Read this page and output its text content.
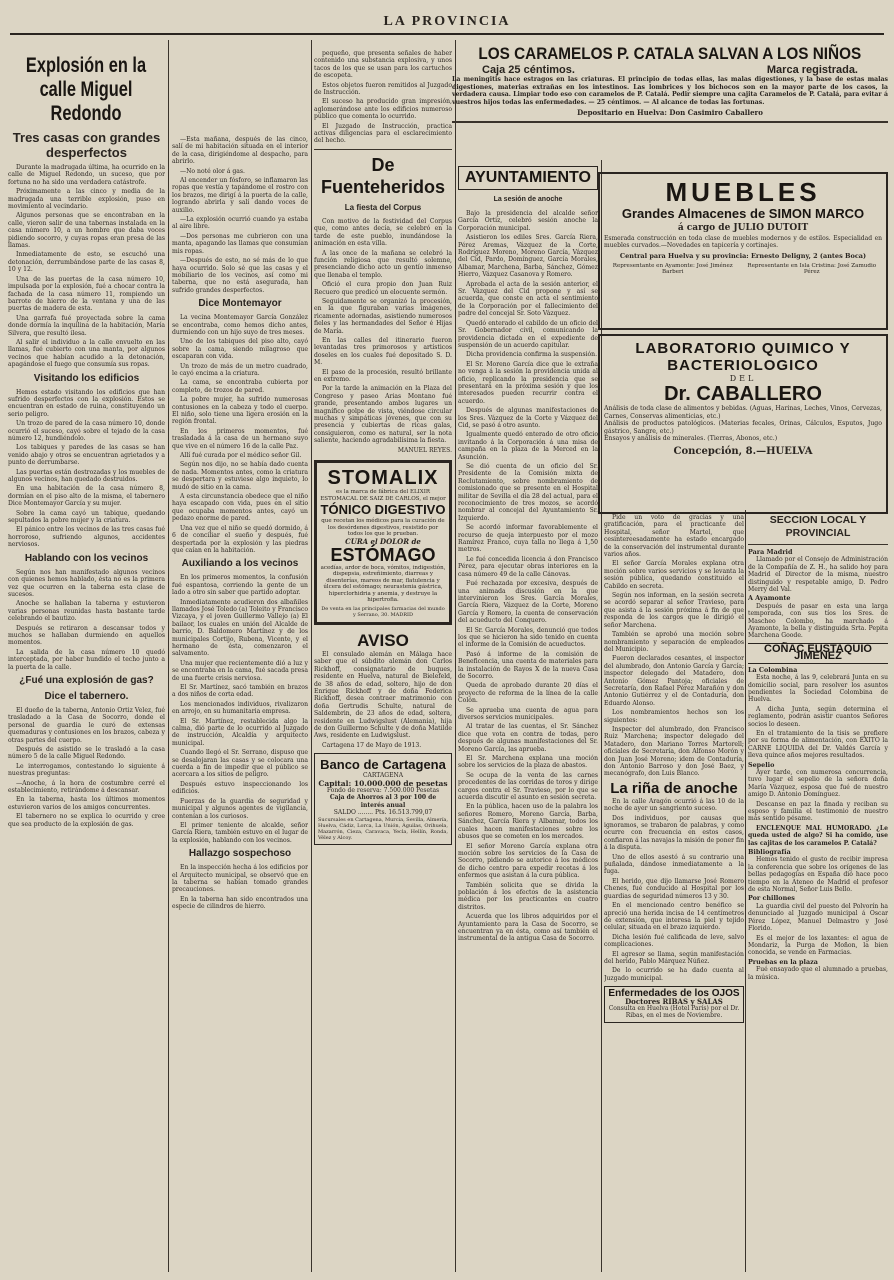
LA PROVINCIA
Explosión en la calle Miguel Redondo
Tres casas con grandes desperfectos

Durante la madrugada última, ha ocurrido en la calle de Miguel Redondo, un suceso, que por fortuna no ha sido una verdadera catástrofe.

Próximamente a las cinco y media de la madrugada una terrible explosión, puso en movimiento al vecindario.

Algunos personas que se encontraban en la calle, vieron salir de una tabernas instalada en la casa número 10, a un hombre que daba voces pidiendo socorro, y cuyas ropas eran presa de las llamas.

Inmediatamente de esto, se escuchó una detonación, derrumbándose parte de las casas 8, 10 y 12.

Una de las puertas de la casa número 10, impulsada por la explosión, fué a chocar contra la fachada de la casa número 11, rompiendo un barrote de hierro de la ventana y una de las puertas de madera de esta.

Una garrafa fué proyectada sobre la cama donde dormía la inquilina de la habitación, María Silvera, que resultó ilesa.

Al salir el individuo a la calle envuelto en las llamas, fué cubierto con una manta, por algunos vecinos que habían acudido a la detonación, apagándose el fuego que consumía sus ropas.

Visitando los edificios

Hemos estado visitando los edificios que han sufrido desperfectos con la explosión. Estos se encuentran en estado de ruina, constituyendo un serio peligro.

Un trozo de pared de la casa número 10, donde ocurrió el suceso, cayó sobre el tejado de la casa número 12, hundiéndolo.

Los tabiques y paredes de las casas se han venido abajo y otros se encuentran agrietados y a punto de derrumbarse.

Las puertas están destrozadas y los muebles de algunos vecinos, han quedado destruidos.

En una habitación de la casa número 8, dormían en el piso alto de la misma, el tabernero Dice Montemayor García y su mujer.

Sobre la cama cayó un tabique, quedando sepultados la pobre mujer y la criatura.

El pánico entre los vecinos de las tres casas fué horroroso, sufriendo algunos, accidentes nerviosos.

Hablando con los vecinos

Según nos han manifestado algunos vecinos con quienes hemos hablado, ésta no es la primera vez que ocurren en la taberna esta clase de sucesos.

Anoche se hallaban la taberna y estuvieron varias personas reunidas hasta bastante tarde celebrando el bautizo.

Después se retiraron a descansar todos y muchos se hallaban durmiendo en aquellos momentos.

La salida de la casa número 10 quedó interceptada, por haber hundido el techo junto a la puerta de la calle.

¿Fué una explosión de gas?
Dice el tabernero.

El dueño de la taberna, Antonio Ortiz Velez, fué trasladado a la Casa de Socorro, donde el personal de guardia le curó de extensas quemaduras y contusiones en los brazos, cabeza y otras partes del cuerpo.

Después de asistido se le trasladó a la casa número 5 de la calle Miguel Redondo.

Le interrogamos, contestando lo siguiente á nuestras preguntas:

—Anoche, á la hora de costumbre cerré el establecimiento, retirándome á descansar.

En la taberna, hasta los últimos momentos estuvieron varios de los amigos concurrentes.

El tabernero no se explica lo ocurrido y cree que sea producto de la explosión de gas.

—Esta mañana, después de las cinco, salí de mi habitación situada en el interior de la casa, dirigiéndome al despacho, para abrirlo.

—No noté olor á gas.

Al encender un fósforo, se inflamaron las ropas que vestía y tapándome el rostro con los brazos, me dirigí á la puerta de la calle, logrando abrirla y salí dando voces de auxilio.

—La explosión ocurrió cuando ya estaba al aire libre.

—Dos personas me cubrieron con una manta, apagando las llamas que consumían mis ropas.

—Después de esto, no sé más de lo que haya ocurrido. Solo sé que las casas y el mobiliario de los vecinos, así como mi taberna, que no está asegurada, han sufrido grandes desperfectos.

Dice Montemayor

La vecina Montemayor García González se encontraba, como hemos dicho antes, durmiendo con un hijo suyo de tres meses.

Uno de los tabiques del piso alto, cayó sobre la cama, siendo milagroso que escaparan con vida.

Un trozo de más de un metro cuadrado, le cayó encima a la criatura.

La cama, se encontraba cubierta por completo, de trozos de pared.

La pobre mujer, ha sufrido numerosas contusiones en la cabeza y todo el cuerpo. El niño, solo tiene una ligera erosión en la región frontal.

En los primeros momentos, fué trasladada á la casa de un hermano suyo que vive en el número 16 de la calle Paz.

Allí fué curada por el médico señor Gil.

Según nos dijo, no se había dado cuenta de nada. Momentos antes, como la criatura se despertara y estuviese algo inquieto, lo mudó de sitio en la cama.

A esta circunstancia obedece que el niño haya escapado con vida, pues en el sitio que ocupaba momentos antes, cayó un pedazo enorme de pared.

Una vez que el niño se quedó dormido, á 6 de conciliar el sueño y después, fué despertada por la explosión y las piedras que caían en la habitación.

Auxiliando a los vecinos

En los primeros momentos, la confusión fué espantosa, corriendo la gente de un lado a otro sin saber que partido adoptar.

Inmediatamente acudieron dos albañiles llamados José Toledo (a) Toleito y Francisco Vizcaya, y el joven Guillermo Vallejo (a) El bailaor, los cuales en unión del Alcalde de barrio, D. Baldomero Martínez y de los municipales Cortijo, Rubena, Vicente, y el hermano de ésta, comenzaron el salvamento.

Una mujer que recientemente dió a luz y se encontraba en la cama, fué sacada presa de una fuerte crisis nerviosa.

El Sr. Martínez, sacó también en brazos a dos niños de corta edad.

Los mencionados individuos, rivalizaron en arrojo, en su humanitaria empresa.

El Sr. Martínez, restablecida algo la calma, dió parte de lo ocurrido al Juzgado de instrucción, Alcaldía y arquitecto municipal.

Cuando llegó el Sr. Serrano, dispuso que se desalojaran las casas y se colocara una cuerda a fin de impedir que el público se acercara a los sitios de peligro.

Después estuvo inspeccionando los edificios.

Fuerzas de la guardia de seguridad y municipal y algunos agentes de vigilancia, contenían a los curiosos.

El primer teniente de alcalde, señor García Riera, también estuvo en el lugar de la explosión, hablando con los vecinos.

Hallazgo sospechoso

En la inspección hecha á los edificios por el Arquitecto municipal, se observó que en la taberna se habían tomado grandes precauciones.

En la taberna han sido encontrados una especie de cilindros de hierro.

pequeño, que presenta señales de haber contenido una substancia explosiva, y unos tacos de los que se usan para los cartuchos de escopeta.

Estos objetos fueron remitidos al Juzgado de Instrucción.

El suceso ha producido gran impresión, aglomerándose ante los edificios numeroso público que comenta lo ocurrido.

El Juzgado de Instrucción, practica activas diligencias para el esclarecimiento del hecho.

De Fuenteheridos
La fiesta del Corpus

Con motivo de la festividad del Corpus que, como antes decía, se celebró en la tarde de este pueblo, inundándose la animación en esta villa.

A las once de la mañana se celebró la función religiosa que resultó solemne, presenciando dicho acto un gentío inmenso que llenaba el templo.

Ofició el cura propio don Juan Ruiz Recuero que predicó un elocuente sermón.

Seguidamente se organizó la procesión, en la que figuraban varias imágenes, ricamente adornadas, asistiendo numerosos fieles y las hermandades del Señor é Hijas de María.

En las calles del itinerario fueron levantadas tres primorosos y artísticos doseles en los cuales fué depositado S. D. M.

El paso de la procesión, resultó brillante en extremo.

Por la tarde la animación en la Plaza del Congreso y paseo Arias Montano fué grande, presentando ambos lugares un magnífico golpe de vista, viéndose circular muchas y simpáticas jóvenes, que con su presencia y cubiertas de ricas galas, consiguieron, como es natural, ser la nota saliente, haciendo agradabilísima la fiesta.

MANUEL REYES.
STOMALIX
es la marca de fábrica del ELIXIR ESTOMACAL DE SAIZ DE CARLOS, el mejor
TÓNICO DIGESTIVO
que recetan los médicos para la curación de los desórdenes digestivos, resistido por todos los que le prueban.
CURA el DOLOR de
ESTÓMAGO
acedías, ardor de boca, vómitos, indigestión, dispepsia, estreñimiento, diarreas y disenterías, mareos de mar, flatulencia y úlcera del estómago; neurastenia gástrica, hiperclorhidria y anemia, y destruye la hipertrofia.
De venta en las principales farmacias del mundo y Serrano, 30. MADRID
AVISO

El consulado alemán en Málaga hace saber que el súbdito alemán don Carlos Rickhoff, consignatario de buques, residente en Huelva, natural de Bielefeld, de 38 años de edad, soltero, hijo de don Enrique Rickhoff y de doña Federica Rickhoff, desea contraer matrimonio con doña Gertrudis Schulte, natural de Saldembrin, de 23 años de edad, soltera, residente en Ludwigslust (Alemania), hija de don Guillermo Schulte y de doña Matilde Aws, residente en Ludwigslust.

Cartagena 17 de Mayo de 1913.

Banco de Cartagena
CARTAGENA
Capital: 10.000.000 de pesetas
Fondo de reserva: 7.500.000 Pesetas
Caja de Ahorros al 3 por 100 de interés anual
SALDO ........ Pts. 16.513.799,07
Sucursales en Cartagena, Murcia, Sevilla, Almería, Huelva, Cádiz, Lorca, La Unión, Águilas, Orihuela, Mazarrón, Cieza, Caravaca, Yecla, Hellín, Ronda, Vélez y Alcoy.
LOS CARAMELOS P. CATALA SALVAN A LOS NIÑOS
Caja 25 céntimos.	Marca registrada.
La meningitis hace estragos en las criaturas. El principio de todas ellas, las malas digestiones, y la base de estas malas digestiones, materias extrañas en los intestinos. Las lombrices y los bichocos son en la mayor parte de los casos, la verdadera causa. Limpiar todo eso con caramelos de P. Catalá. Pedir siempre una cajita Caramelos de P. Catalá, para evitar á vuestros hijos todas las enfermedades. — 25 céntimos. — Al alcance de todas las fortunas.
Depositario en Huelva: Don Casimiro Caballero
AYUNTAMIENTO
La sesión de anoche

Bajo la presidencia del alcalde señor García Ortiz, celebró sesión anoche la Corporación municipal.

Asistieron los ediles Sres. García Riera, Pérez Aremas, Vázquez de la Corte, Rodríguez Moreno, Moreno García, Vázquez del Cid, Pardo, Domínguez, García Morales, Albamar, Marchena, Barba, Sánchez, Gómez Hierro, Vázquez Casanova y Romero.

Aprobada el acta de la sesión anterior, el Sr. Vázquez del Cid propone y así se acuerda, que conste en acta el sentimiento de la Corporación por el fallecimiento del padre del concejal Sr. Soto Vázquez.

Quedó enterado el cabildo de un oficio del Sr. Gobernador civil, comunicando la providencia dictada en el expediente de suspensión de un acuerdo capitular.

Dicha providencia confirma la suspensión.

El Sr. Moreno García dice que le extraña no venga á la sesión la providencia unida al oficio, replicando la presidencia que se presentará en la próxima sesión y que los interesados pueden recurrir contra el acuerdo.

Después de algunas manifestaciones de los Sres. Vázquez de la Corte y Vázquez del Cid, se pasó á otro asunto.

Igualmente quedó enterado de otro oficio invitando á la Corporación á una misa de campaña en la plaza de la Merced en la Asunción.

Se dió cuenta de un oficio del Sr. Presidente de la Comisión mixta de Reclutamiento, sobre nombramiento de comisionado que se presente en el Hospital militar de Sevilla el día 28 del actual, para el reconocimiento de tres mozos, se acordó nombrar al concejal del Ayuntamiento Sr. Izquierdo.

Se acordó informar favorablemente el recurso de queja interpuesto por el mozo Ramírez Franco, cuya talla no llega á 1,50 metros.

Le fué concedida licencia á don Francisco Pérez, para ejecutar obras interiores en la casa número 49 de la calle Cánovas.

Fué rechazada por excesiva, después de una animada discusión en la que intervinieron los Sres. García Morales, García Riera, Vázquez de la Corte, Moreno García y Romero, la cuenta de conservación del acueducto del Conquero.

El Sr. García Morales, denunció que todos los que se hicieron ha sido tenido en cuenta el informe de la Comisión de acueductos.

Pasó á informe de la comisión de Beneficencia, una cuenta de materiales para la instalación de Rayos X de la nueva Casa de Socorro.

Queda de aprobado durante 20 días el proyecto de reforma de la línea de la calle Colón.

Se aprueba una cuenta de agua para diversos servicios municipales.

Al tratar de las cuentas, el Sr. Sánchez dice que vota en contra de todas, pero después de algunas manifestaciones del Sr. Moreno García, las aprueba.

El Sr. Marchena explana una moción sobre los servicios de la plaza de abastos.

Se ocupa de la venta de las carnes procedentes de las corridas de toros y dirige cargos contra el Sr. Travieso, por lo que se acuerda discutir el asunto en sesión secreta.

En la pública, hacen uso de la palabra los señores Romero, Moreno García, Barba, Sánchez, García Riera y Albamar, todos los cuales hacen manifestaciones sobre los abusos que se cometen en los mercados.

El señor Moreno García explana otra moción sobre los servicios de la Casa de Socorro, pidiendo se autorice á los médicos de dicho centro para expedir recetas á los enfermos que asistan á la cura pública.

También solicita que se divida la población á los efectos de la asistencia médica por los practicantes en cuatro distritos.

Acuerda que los libros adquiridos por el Ayuntamiento para la Casa de Socorro, se encuentran ya en ésta, como así también el instrumental de la antigua Casa de Socorro.

MUEBLES
Grandes Almacenes de SIMON MARCO
á cargo de JULIO DUTOIT
Esmerada construcción en toda clase de muebles modernos y de estilos. Especialidad en muebles curvados.—Novedades en tapicería y cortinajes.
Central para Huelva y su provincia: Ernesto Deligny, 2 (antes Boca)
Representante en Ayamonte: José Jiménez Barberi
Representante en Isla Cristina: José Zamudio Pérez
LABORATORIO QUIMICO Y BACTERIOLOGICO
DEL
Dr. CABALLERO
Análisis de toda clase de alimentos y bebidas. (Aguas, Harinas, Leches, Vinos, Cervezas, Carnes, Conservas alimenticias, etc.)
Análisis de productos patológicos. (Materias fecales, Orinas, Cálculos, Esputos, Jugo gástrico, Sangre, etc.)
Ensayos y análisis de minerales. (Tierras, Abonos, etc.)
Concepción, 8.—HUELVA

Pide un voto de gracias y una gratificación, para el practicante del Hospital, señor Martel, que cesintereesadamente ha estado encargado de la conservación del instrumental durante varios años.

El señor García Morales explana otra moción sobre varios servicios y se levanta la sesión pública, quedando constituido el Cabildo en secreta.

Según nos informan, en la sesión secreta se acordó separar al señor Travieso, para que asista á la sesión próxima á fin de que responda de los cargos que le dirigió el señor Marchena.

También se aprobó una moción sobre nombramiento y separación de empleados del Municipio.

Fueron declarados cesantes, el inspector del alumbrado, don Antonio García y García; inspector delegado del Matadero, don Antonio Gómez Pantoja; oficiales de Secretaría, don Rafael Pérez Marañón y don Antonio Gutiérrez y el de Contaduría, don Eduardo Alonso.

Los nombramientos hechos son los siguientes:

Inspector del alumbrado, don Francisco Ruiz Marchena; inspector delegado del Matadero, don Mariano Torres Martorell; oficiales de Secretaría, don Alfonso Morón y don Juan José Moreno; idem de Contaduría, don Antonio Barroso y don José Baez, y mecanógrafo, don Luis Blanco.

La riña de anoche

En la calle Aragón ocurrió á las 10 de la noche de ayer un sangriento suceso.

Dos individuos, por causas que ignoramos, se trabaron de palabras, y como ocurre con frecuencia en estos casos, confiaron á las navajas la misión de poner fin á la disputa.

Uno de ellos asestó á su contrario una puñalada, dándose inmediatamente a la fuga.

El herido, que dijo llamarse José Romero Chenes, fué conducido al Hospital por los guardias de seguridad números 13 y 30.

En el mencionado centro benéfico se apreció una herida incisa de 14 centímetros de extensión, que interesa la piel y tejido celular, situada en el brazo izquierdo.

Dicha lesión fué calificada de leve, salvo complicaciones.

El agresor se llama, según manifestación del herido, Pablo Márquez Núñez.

De lo ocurrido se ha dado cuenta al Juzgado municipal.

Enfermedades de los OJOS
Doctores RIBAS y SALAS
Consulta en Huelva (Hotel París) por el Dr. Ribas, en el mes de Noviembre.
SECCION LOCAL Y PROVINCIAL
Para Madrid

Llamado por el Consejo de Administración de la Compañía de Z. H., ha salido hoy para Madrid el Director de la misma, nuestro distinguido y respetable amigo, D. Pedro Merry del Val.

A Ayamonte

Después de pasar en esta una larga temporada, con sus tíos los Sres. de Mascheo Colombo, ha marchado á Ayamonte, la bella y distinguida Srta. Pepita Marchena Goode.

COÑAC EUSTAQUIO JIMENEZ
La Colombina

Esta noche, á las 9, celebrará Junta en su domicilio social, para resolver los asuntos pendientes la Sociedad Colombina de Huelva.

A dicha Junta, según determina el reglamento, podrán asistir cuantos Señores socios lo deseen.

En el tratamiento de la tisis se prefiere por su forma de alimentación, con ÉXITO la CARNE LIQUIDA del Dr. Valdés García y lleva quince años mejores resultados.

Sepelio

Ayer tarde, con numerosa concurrencia, tuvo lugar el sepelio de la señora doña María Vázquez, esposa que fué de nuestro amigo D. Antonio Domínguez.

Descanse en paz la finada y reciban su esposo y familia el testimonio de nuestro más sentido pésame.

ENCLENQUE MAL HUMORADO. ¿Le queda usted de algo? Si ha comido, use las cajitas de los caramelos P. Catalá?

Bibliografía

Hemos tenido el gusto de recibir impresa la conferencia que sobre los orígenes de las bellas pedagogías en España dió hace poco tiempo en la Ateneo de Madrid el profesor de esta Normal, Señor Luis Bello.

Por chillones

La guardia civil del puesto del Polvorín ha denunciado al Juzgado municipal á Oscar Pérez López, Manuel Delmastro y José Florido.

Es el mejor de los laxantes: el agua de Mondariz, la Purga de Moñon, la bien conocida, se vende en Farmacias.

Pruebas en la plaza

Fué ensayado que el alumnado a pruebas, la música.
